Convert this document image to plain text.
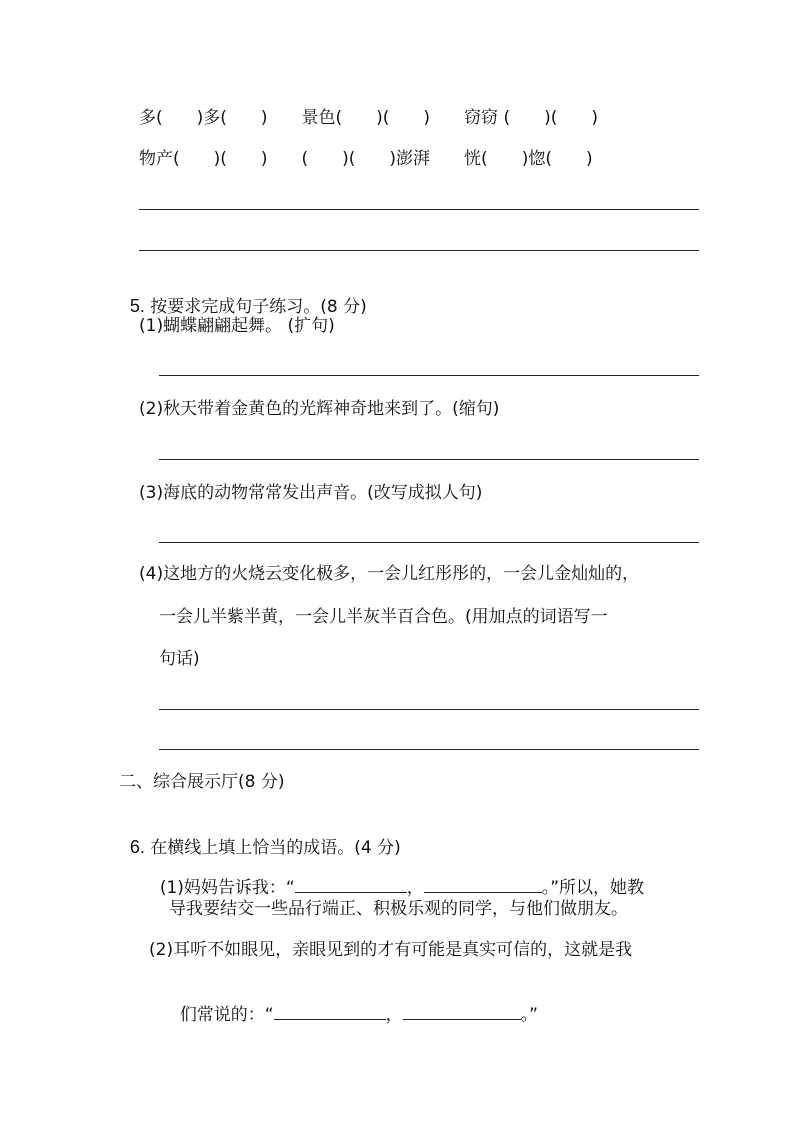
多(　　)多(　　)　　景色(　　)(　　)　　窃窃 (　　)(　　)
物产(　　)(　　)　　(　　)(　　)澎湃　　恍(　　)惚(　　)

5. 按要求完成句子练习。(8 分)

(1)蝴蝶翩翩起舞。 (扩句)
(2)秋天带着金黄色的光辉神奇地来到了。(缩句)
(3)海底的动物常常发出声音。(改写成拟人句)
(4)这地方的火烧云变化极多，一会儿红彤彤的，一会儿金灿灿的，
一会儿半紫半黄，一会儿半灰半百合色。(用加点的词语写一
句话)
二、综合展示厅(8 分)

6. 在横线上填上恰当的成语。(4 分)

(1)妈妈告诉我：“	，	。”所以，她教

导我要结交一些品行端正、积极乐观的同学，与他们做朋友。
(2)耳听不如眼见，亲眼见到的才有可能是真实可信的，这就是我

们常说的：“	，	。”
